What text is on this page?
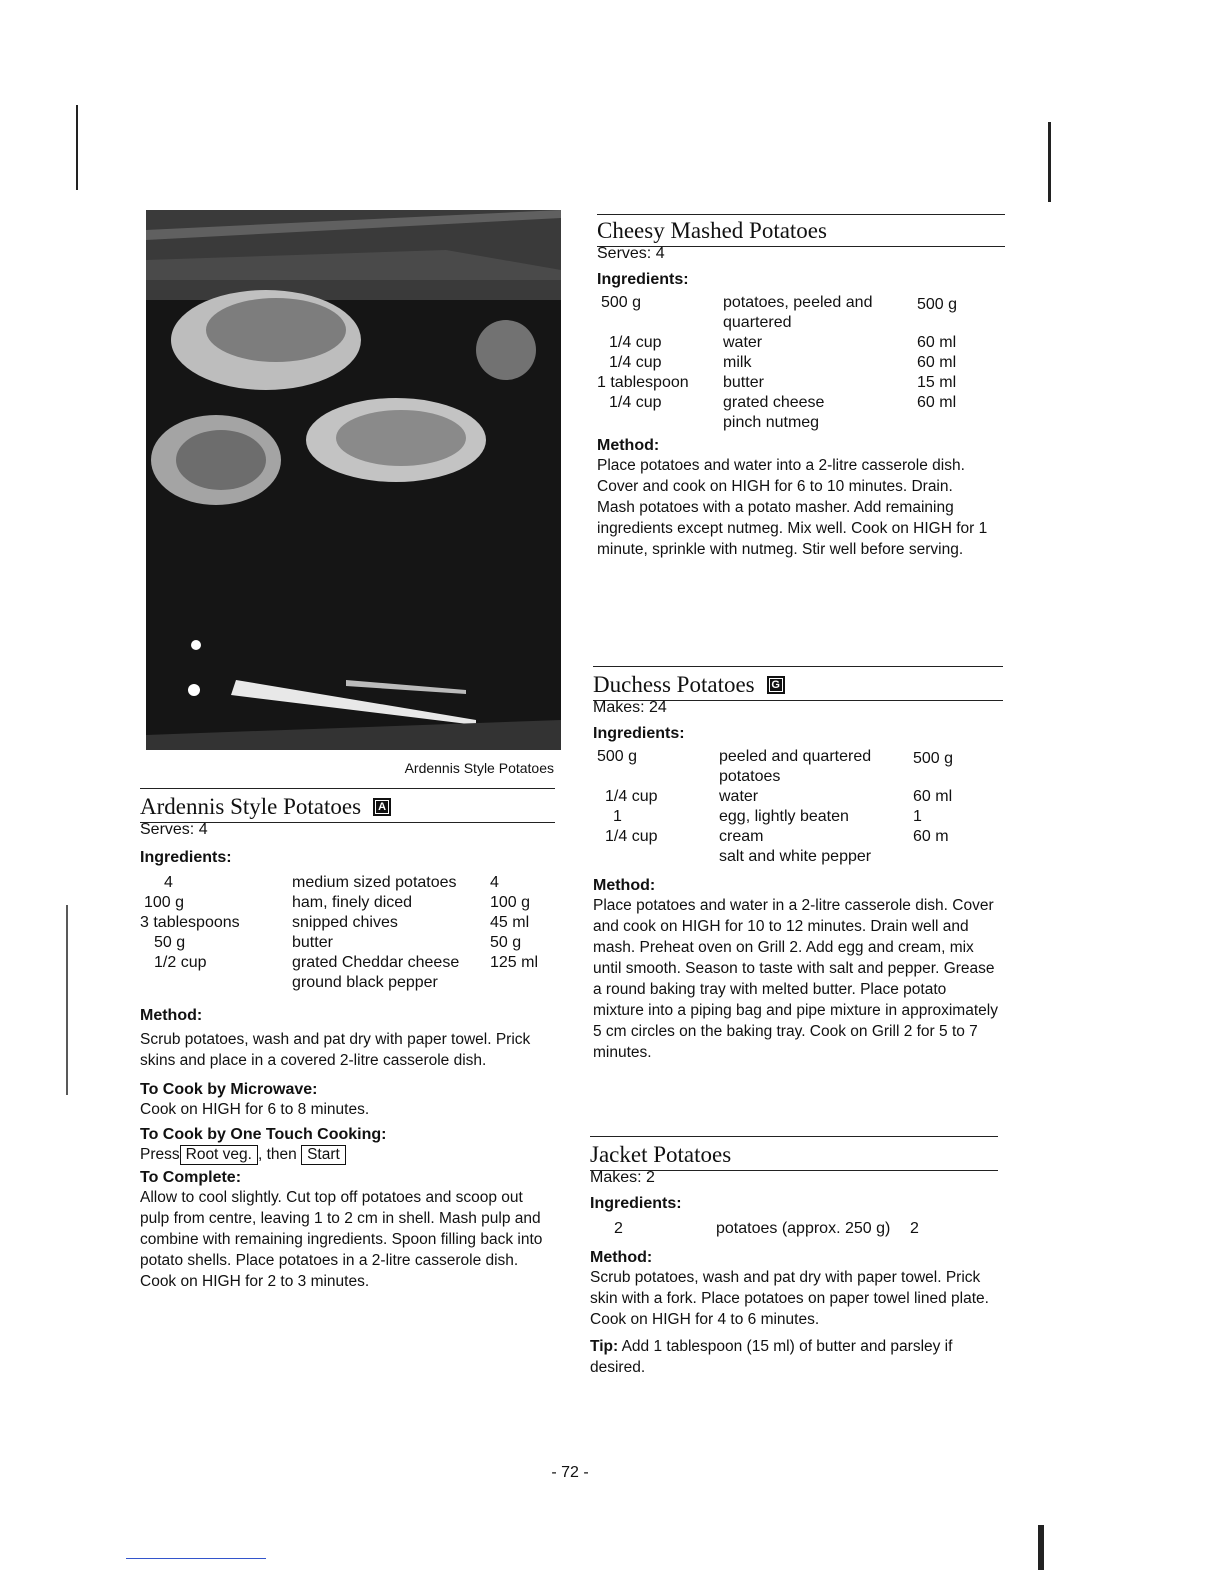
Ardennis Style Potatoes
Ardennis Style Potatoes A

Serves: 4

Ingredients:

4	medium sized potatoes	4
100 g	ham, finely diced	100 g
3 tablespoons	snipped chives	45 ml
50 g	butter	50 g
1/2 cup	grated Cheddar cheese	125 ml
	ground black pepper	

Method:

Scrub potatoes, wash and pat dry with paper towel. Prick skins and place in a covered 2-litre casserole dish.

To Cook by Microwave:

Cook on HIGH for 6 to 8 minutes.

To Cook by One Touch Cooking:

Press Root veg. , then Start

To Complete:

Allow to cool slightly. Cut top off potatoes and scoop out pulp from centre, leaving 1 to 2 cm in shell. Mash pulp and combine with remaining ingredients. Spoon filling back into potato shells. Place potatoes in a 2-litre casserole dish. Cook on HIGH for 2 to 3 minutes.

Cheesy Mashed Potatoes

Serves: 4

Ingredients:

500 g	potatoes, peeled and quartered	500 g
1/4 cup	water	60 ml
1/4 cup	milk	60 ml
1 tablespoon	butter	15 ml
1/4 cup	grated cheese	60 ml
	pinch nutmeg	

Method:

Place potatoes and water into a 2-litre casserole dish. Cover and cook on HIGH for 6 to 10 minutes. Drain.

Mash potatoes with a potato masher. Add remaining ingredients except nutmeg. Mix well. Cook on HIGH for 1 minute, sprinkle with nutmeg. Stir well before serving.

Duchess Potatoes G

Makes: 24

Ingredients:

500 g	peeled and quartered potatoes	500 g
1/4 cup	water	60 ml
1	egg, lightly beaten	1
1/4 cup	cream	60 m
	salt and white pepper	

Method:

Place potatoes and water in a 2-litre casserole dish. Cover and cook on HIGH for 10 to 12 minutes. Drain well and mash. Preheat oven on Grill 2. Add egg and cream, mix until smooth. Season to taste with salt and pepper. Grease a round baking tray with melted butter. Place potato mixture into a piping bag and pipe mixture in approximately 5 cm circles on the baking tray. Cook on Grill 2 for 5 to 7 minutes.

Jacket Potatoes

Makes: 2

Ingredients:

2	potatoes (approx. 250 g)	2

Method:

Scrub potatoes, wash and pat dry with paper towel. Prick skin with a fork. Place potatoes on paper towel lined plate. Cook on HIGH for 4 to 6 minutes.

Tip: Add 1 tablespoon (15 ml) of butter and parsley if desired.

- 72 -
